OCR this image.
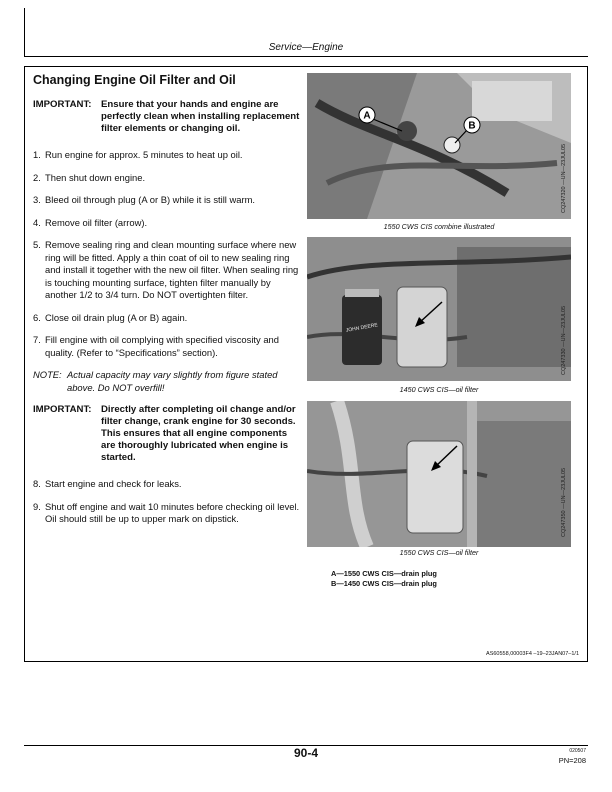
Service—Engine
Changing Engine Oil Filter and Oil
IMPORTANT: Ensure that your hands and engine are perfectly clean when installing replacement filter elements or changing oil.
1. Run engine for approx. 5 minutes to heat up oil.
2. Then shut down engine.
3. Bleed oil through plug (A or B) while it is still warm.
4. Remove oil filter (arrow).
5. Remove sealing ring and clean mounting surface where new ring will be fitted. Apply a thin coat of oil to new sealing ring and install it together with the new oil filter. When sealing ring is touching mounting surface, tighten filter manually by another 1/2 to 3/4 turn. Do NOT overtighten filter.
6. Close oil drain plug (A or B) again.
7. Fill engine with oil complying with specified viscosity and quality. (Refer to “Specifications” section).
NOTE: Actual capacity may vary slightly from figure stated above. Do NOT overfill!
IMPORTANT: Directly after completing oil change and/or filter change, crank engine for 30 seconds. This ensures that all engine components are thoroughly lubricated when engine is started.
8. Start engine and check for leaks.
9. Shut off engine and wait 10 minutes before checking oil level. Oil should still be up to upper mark on dipstick.
A
B
CQ247320 —UN—23JUL05
1550 CWS CIS combine illustrated
JOHN DEERE	CQ247330 —UN—23JUL05
1450 CWS CIS—oil filter
CQ247350 —UN—23JUL05
1550 CWS CIS—oil filter
A—1550 CWS CIS—drain plug
B—1450 CWS CIS—drain plug
AS60558,00003F4 –19–23JAN07–1/1
90-4	020507
PN=208
